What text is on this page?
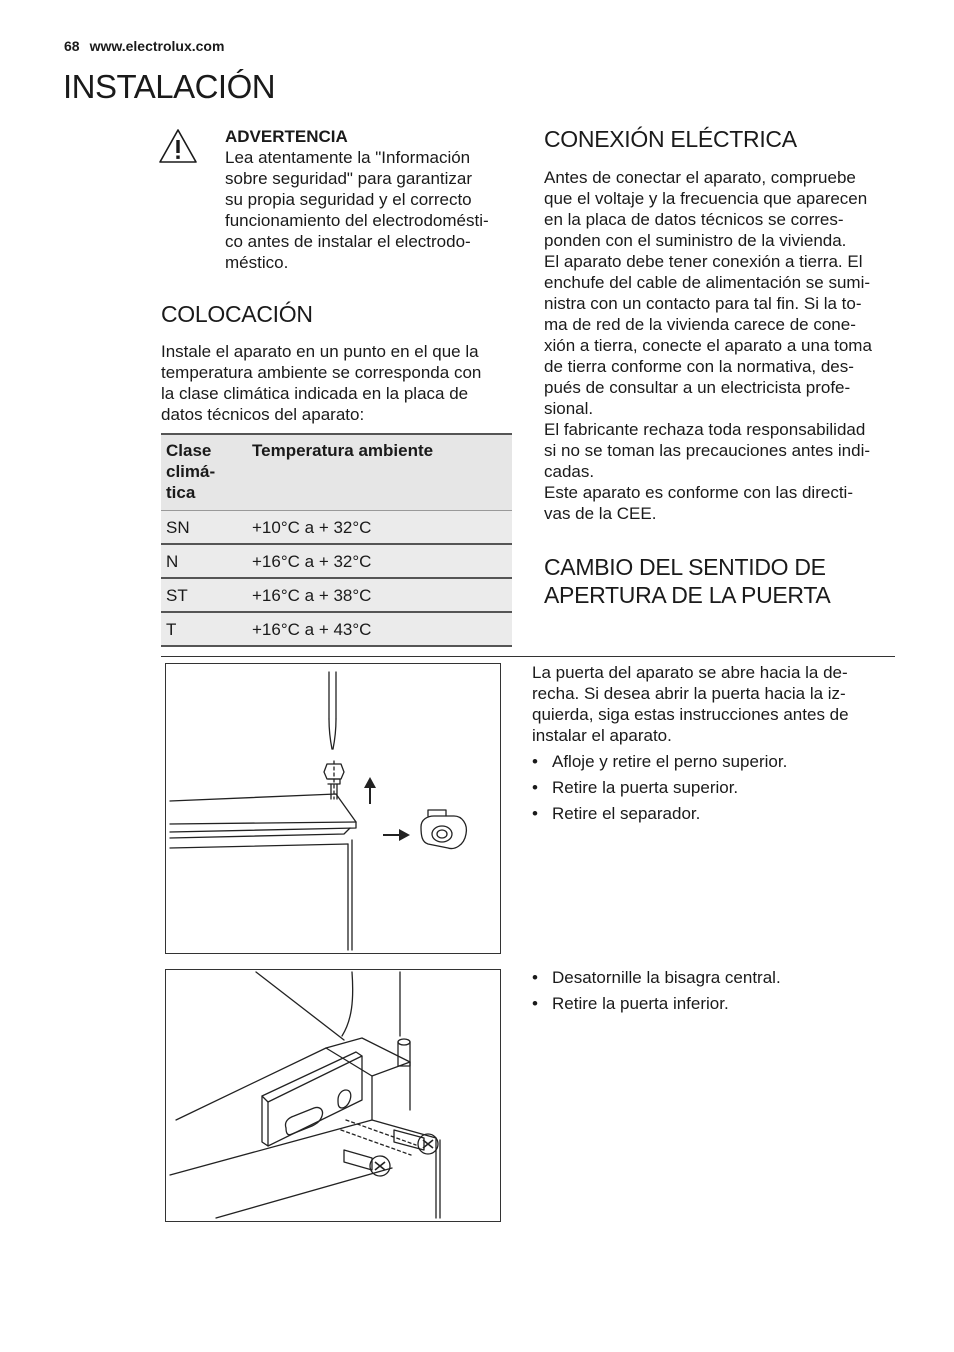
68 www.electrolux.com
INSTALACIÓN
ADVERTENCIA
Lea atentamente la "Información
sobre seguridad" para garantizar
su propia seguridad y el correcto
funcionamiento del electrodomésti-
co antes de instalar el electrodo-
méstico.
COLOCACIÓN
Instale el aparato en un punto en el que la
temperatura ambiente se corresponda con
la clase climática indicada en la placa de
datos técnicos del aparato:
Clase
climá-
tica	Temperatura ambiente
SN	+10°C a + 32°C
N	+16°C a + 32°C
ST	+16°C a + 38°C
T	+16°C a + 43°C
CONEXIÓN ELÉCTRICA
Antes de conectar el aparato, compruebe
que el voltaje y la frecuencia que aparecen
en la placa de datos técnicos se corres-
ponden con el suministro de la vivienda.
El aparato debe tener conexión a tierra. El
enchufe del cable de alimentación se sumi-
nistra con un contacto para tal fin. Si la to-
ma de red de la vivienda carece de cone-
xión a tierra, conecte el aparato a una toma
de tierra conforme con la normativa, des-
pués de consultar a un electricista profe-
sional.
El fabricante rechaza toda responsabilidad
si no se toman las precauciones antes indi-
cadas.
Este aparato es conforme con las directi-
vas de la CEE.
CAMBIO DEL SENTIDO DE
APERTURA DE LA PUERTA
La puerta del aparato se abre hacia la de-
recha. Si desea abrir la puerta hacia la iz-
quierda, siga estas instrucciones antes de
instalar el aparato.
• Afloje y retire el perno superior.
• Retire la puerta superior.
• Retire el separador.
• Desatornille la bisagra central.
• Retire la puerta inferior.
